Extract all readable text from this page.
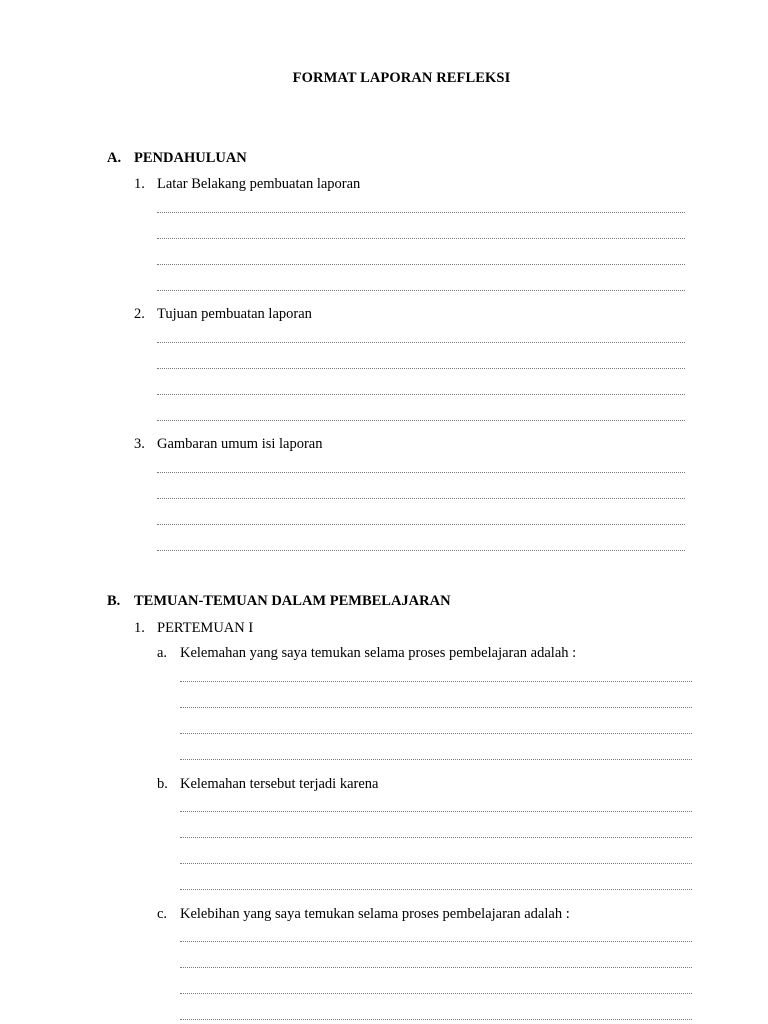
FORMAT LAPORAN REFLEKSI
A. PENDAHULUAN
1. Latar Belakang pembuatan laporan
2. Tujuan pembuatan laporan
3. Gambaran umum isi laporan
B. TEMUAN-TEMUAN DALAM PEMBELAJARAN
1. PERTEMUAN I
a. Kelemahan yang saya temukan selama proses pembelajaran adalah :
b. Kelemahan tersebut terjadi karena
c. Kelebihan yang saya temukan selama proses pembelajaran adalah :
